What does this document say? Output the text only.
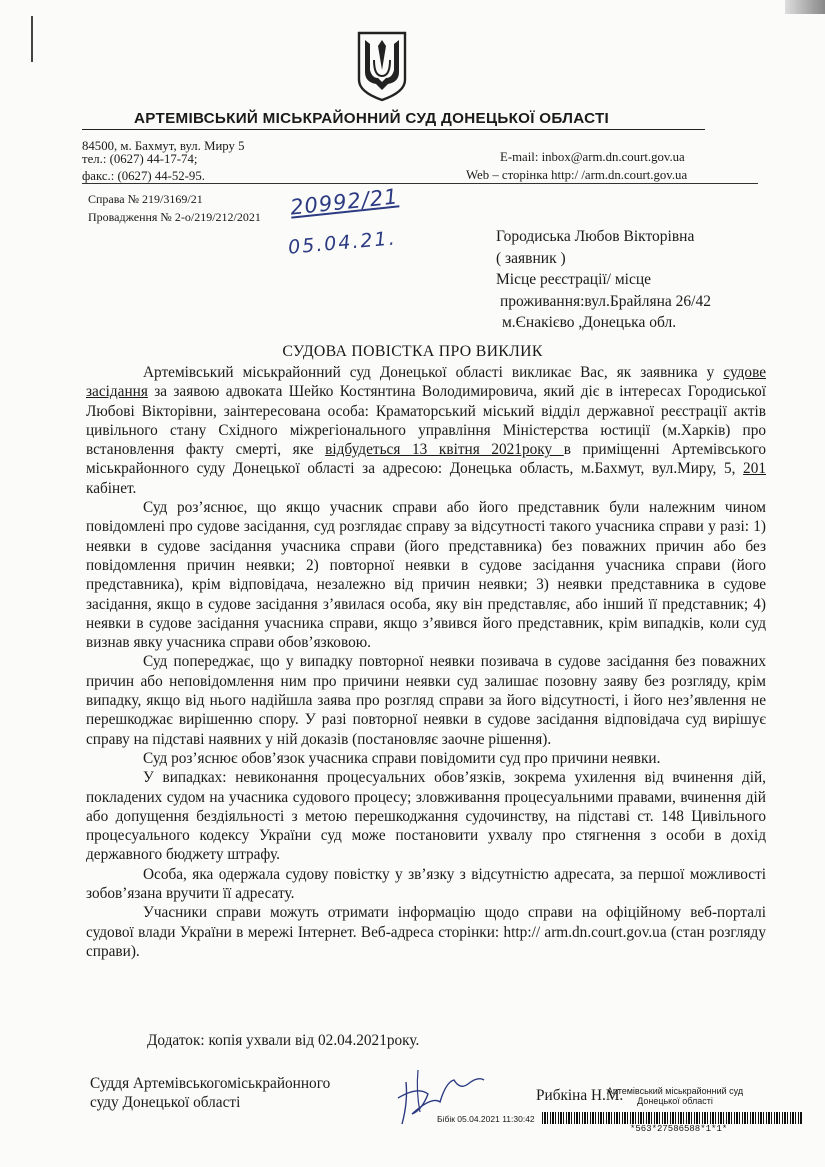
АРТЕМІВСЬКИЙ МІСЬКРАЙОННИЙ СУД ДОНЕЦЬКОЇ ОБЛАСТІ
84500, м. Бахмут, вул. Миру 5
тел.: (0627) 44-17-74;
факс.: (0627) 44-52-95.
E-mail: inbox@arm.dn.court.gov.ua
Web – сторінка http:/ /arm.dn.court.gov.ua
Справа № 219/3169/21
Провадження № 2-о/219/212/2021 20992/21
05.04.21.	Городиська Любов Вікторівна
( заявник )
Місце реєстрації/ місце
проживання:вул.Брайляна 26/42
м.Єнакієво ,Донецька обл.
СУДОВА ПОВІСТКА ПРО ВИКЛИК

Артемівський міськрайонний суд Донецької області викликає Вас, як заявника у судове засідання за заявою адвоката Шейко Костянтина Володимировича, який діє в інтересах Городиської Любові Вікторівни, заінтересована особа: Краматорський міський відділ державної реєстрації актів цивільного стану Східного міжрегіонального управління Міністерства юстиції (м.Харків) про встановлення факту смерті, яке відбудеться 13 квітня 2021року в приміщенні Артемівського міськрайонного суду Донецької області за адресою: Донецька область, м.Бахмут, вул.Миру, 5, 201 кабінет.

Суд роз’яснює, що якщо учасник справи або його представник були належним чином повідомлені про судове засідання, суд розглядає справу за відсутності такого учасника справи у разі: 1) неявки в судове засідання учасника справи (його представника) без поважних причин або без повідомлення причин неявки; 2) повторної неявки в судове засідання учасника справи (його представника), крім відповідача, незалежно від причин неявки; 3) неявки представника в судове засідання, якщо в судове засідання з’явилася особа, яку він представляє, або інший її представник; 4) неявки в судове засідання учасника справи, якщо з’явився його представник, крім випадків, коли суд визнав явку учасника справи обов’язковою.

Суд попереджає, що у випадку повторної неявки позивача в судове засідання без поважних причин або неповідомлення ним про причини неявки суд залишає позовну заяву без розгляду, крім випадку, якщо від нього надійшла заява про розгляд справи за його відсутності, і його нез’явлення не перешкоджає вирішенню спору. У разі повторної неявки в судове засідання відповідача суд вирішує справу на підставі наявних у ній доказів (постановляє заочне рішення).

Суд роз’яснює обов’язок учасника справи повідомити суд про причини неявки.

У випадках: невиконання процесуальних обов’язків, зокрема ухилення від вчинення дій, покладених судом на учасника судового процесу; зловживання процесуальними правами, вчинення дій або допущення бездіяльності з метою перешкоджання судочинству, на підставі ст. 148 Цивільного процесуального кодексу України суд може постановити ухвалу про стягнення з особи в дохід державного бюджету штрафу.

Особа, яка одержала судову повістку у зв’язку з відсутністю адресата, за першої можливості зобов’язана вручити її адресату.

Учасники справи можуть отримати інформацію щодо справи на офіційному веб-порталі судової влади України в мережі Інтернет. Веб-адреса сторінки: http:// arm.dn.court.gov.ua (стан розгляду справи).

Додаток: копія ухвали від 02.04.2021року.
Суддя Артемівськогоміськрайонного
суду Донецької області	Рибкіна Н.М.
Артемівський міськрайонний суд
Донецької області
Бібік 05.04.2021 11:30:42
*563*27586588*1*1*
